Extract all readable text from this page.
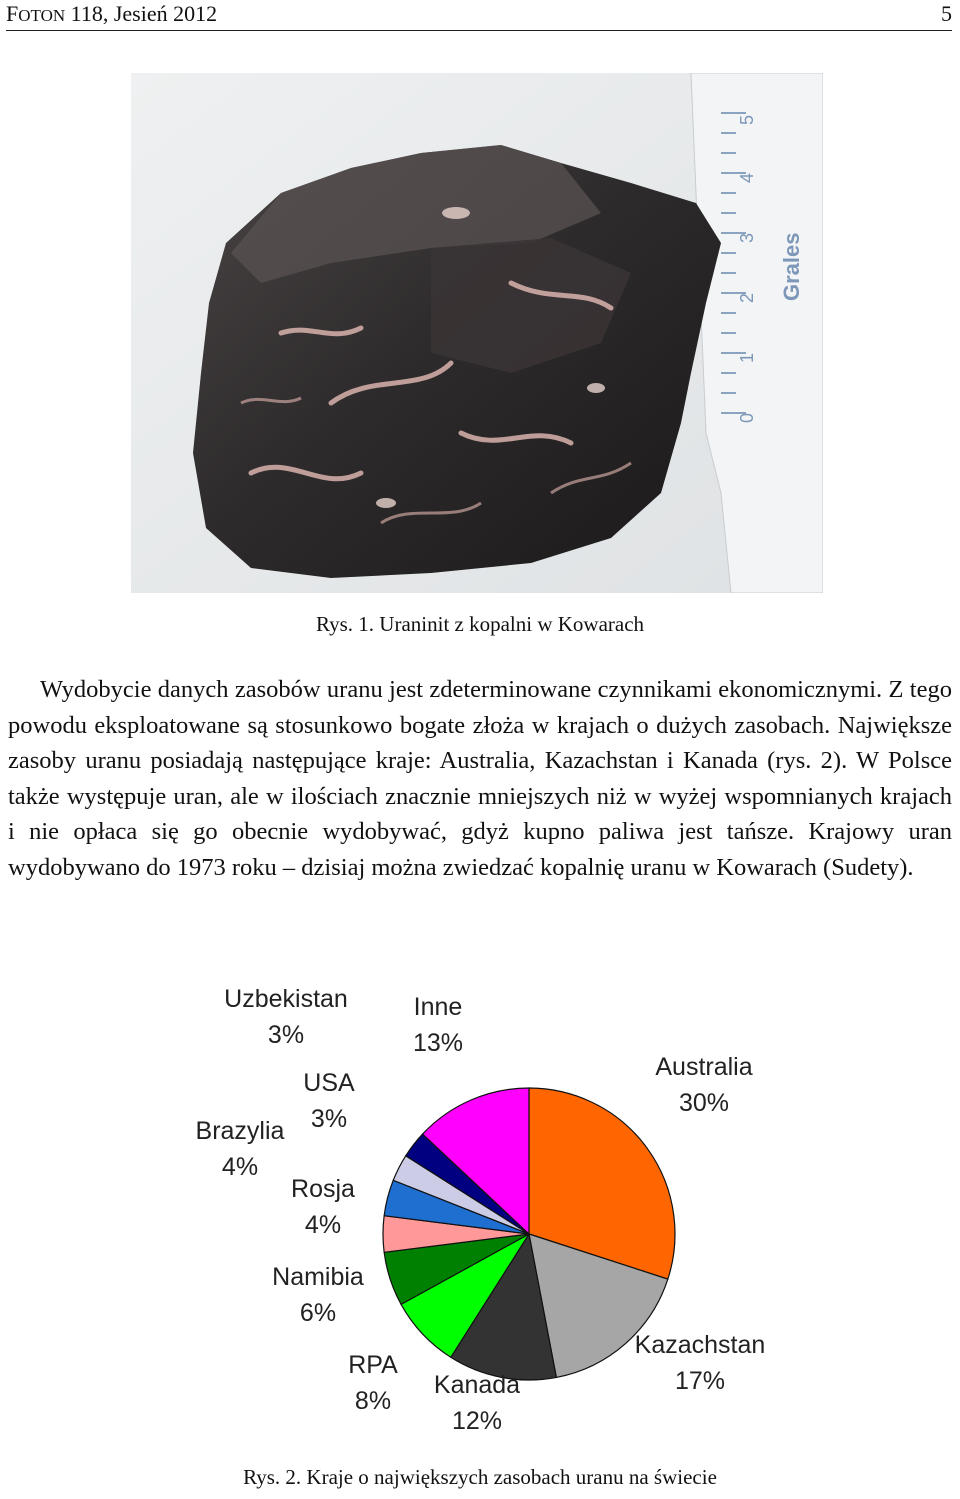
FOTON 118, Jesień 2012	5
0
1
2
3
4
5
Grales
Rys. 1. Uraninit z kopalni w Kowarach

Wydobycie danych zasobów uranu jest zdeterminowane czynnikami ekonomicznymi. Z tego powodu eksploatowane są stosunkowo bogate złoża w krajach o dużych zasobach. Największe zasoby uranu posiadają następujące kraje: Australia, Kazachstan i Kanada (rys. 2). W Polsce także występuje uran, ale w ilościach znacznie mniejszych niż w wyżej wspomnianych krajach i nie opłaca się go obecnie wydobywać, gdyż kupno paliwa jest tańsze. Krajowy uran wydobywano do 1973 roku – dzisiaj można zwiedzać kopalnię uranu w Kowarach (Sudety).

Australia
30%
Kazachstan
17%
Kanada
12%
RPA
8%
Namibia
6%
Rosja
4%
Brazylia
4%
USA
3%
Uzbekistan
3%
Inne
13%
Rys. 2. Kraje o największych zasobach uranu na świecie
